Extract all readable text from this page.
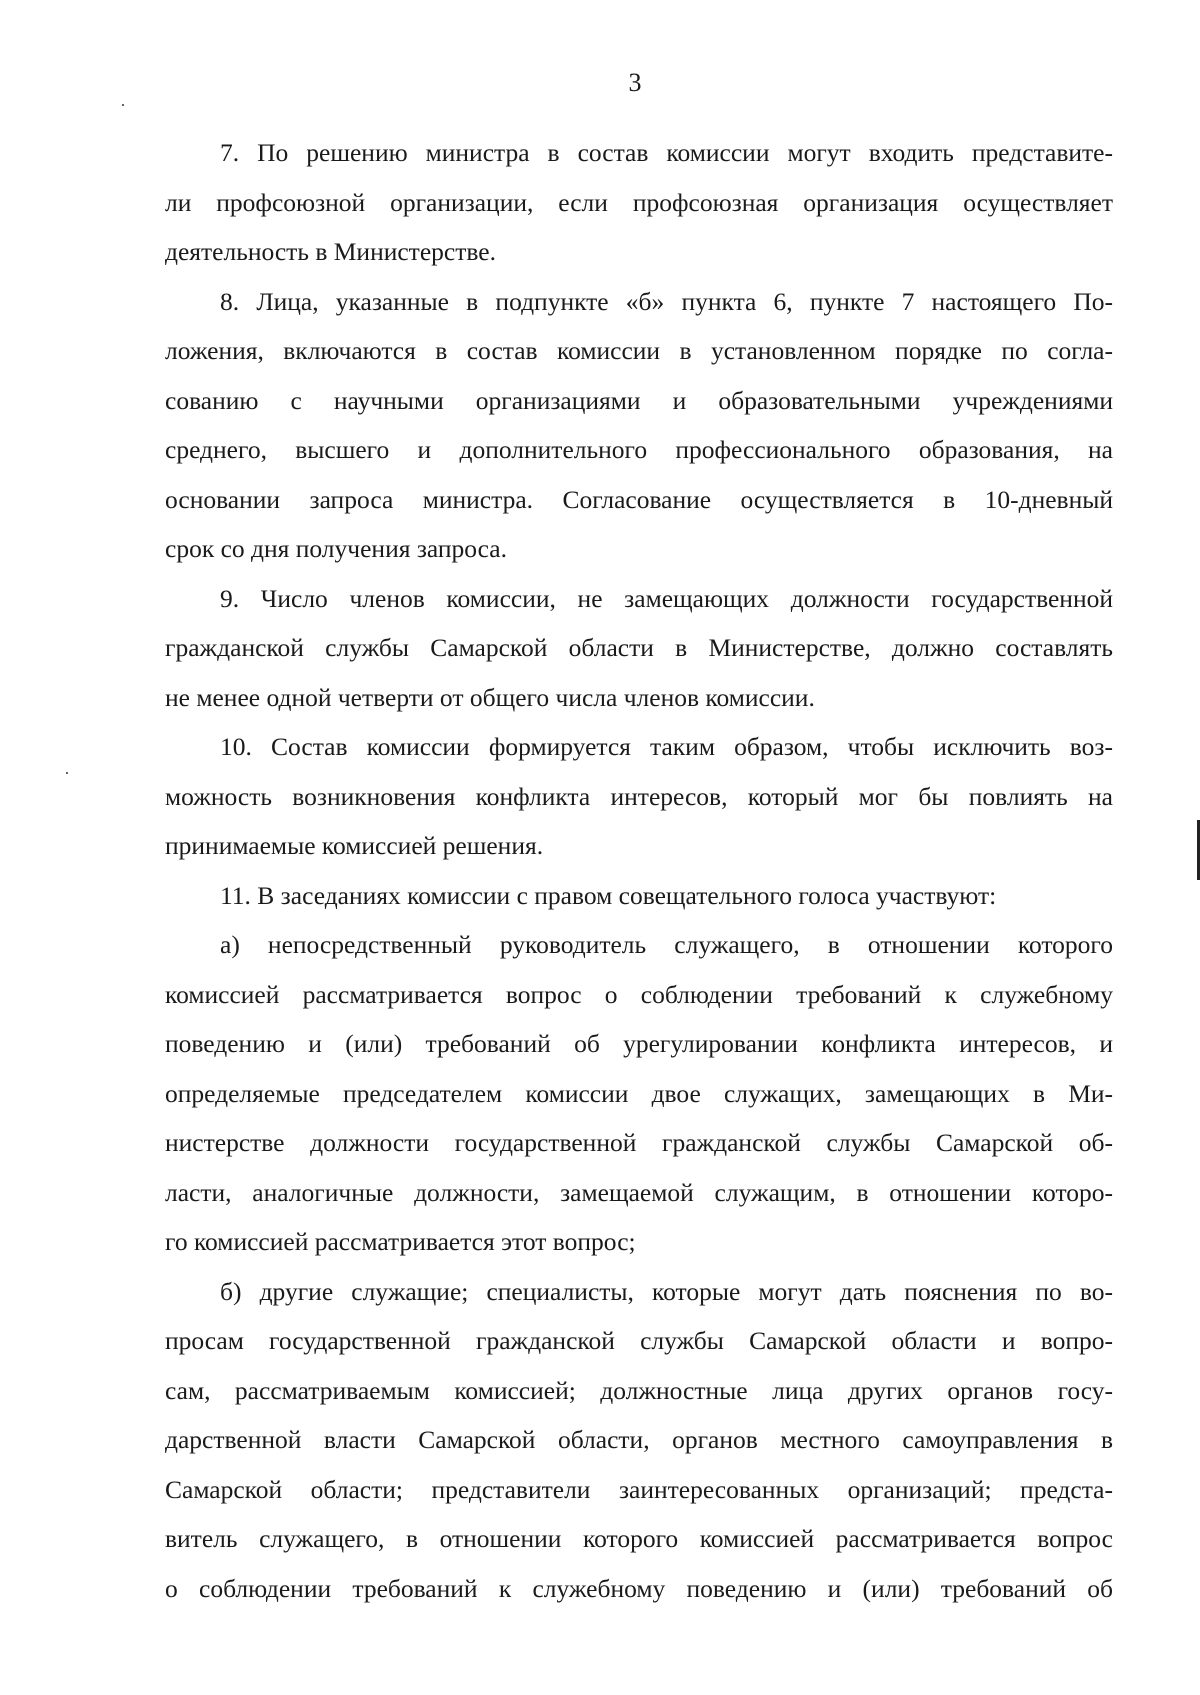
3

7. По решению министра в состав комиссии могут входить представите-
ли профсоюзной организации, если профсоюзная организация осуществляет
деятельность в Министерстве.

8. Лица, указанные в подпункте «б» пункта 6, пункте 7 настоящего По-
ложения, включаются в состав комиссии в установленном порядке по согла-
сованию с научными организациями и образовательными учреждениями
среднего, высшего и дополнительного профессионального образования, на
основании запроса министра. Согласование осуществляется в 10-дневный
срок со дня получения запроса.

9. Число членов комиссии, не замещающих должности государственной
гражданской службы Самарской области в Министерстве, должно составлять
не менее одной четверти от общего числа членов комиссии.

10. Состав комиссии формируется таким образом, чтобы исключить воз-
можность возникновения конфликта интересов, который мог бы повлиять на
принимаемые комиссией решения.

11. В заседаниях комиссии с правом совещательного голоса участвуют:

а) непосредственный руководитель служащего, в отношении которого
комиссией рассматривается вопрос о соблюдении требований к служебному
поведению и (или) требований об урегулировании конфликта интересов, и
определяемые председателем комиссии двое служащих, замещающих в Ми-
нистерстве должности государственной гражданской службы Самарской об-
ласти, аналогичные должности, замещаемой служащим, в отношении которо-
го комиссией рассматривается этот вопрос;

б) другие служащие; специалисты, которые могут дать пояснения по во-
просам государственной гражданской службы Самарской области и вопро-
сам, рассматриваемым комиссией; должностные лица других органов госу-
дарственной власти Самарской области, органов местного самоуправления в
Самарской области; представители заинтересованных организаций; предста-
витель служащего, в отношении которого комиссией рассматривается вопрос
о соблюдении требований к служебному поведению и (или) требований об
